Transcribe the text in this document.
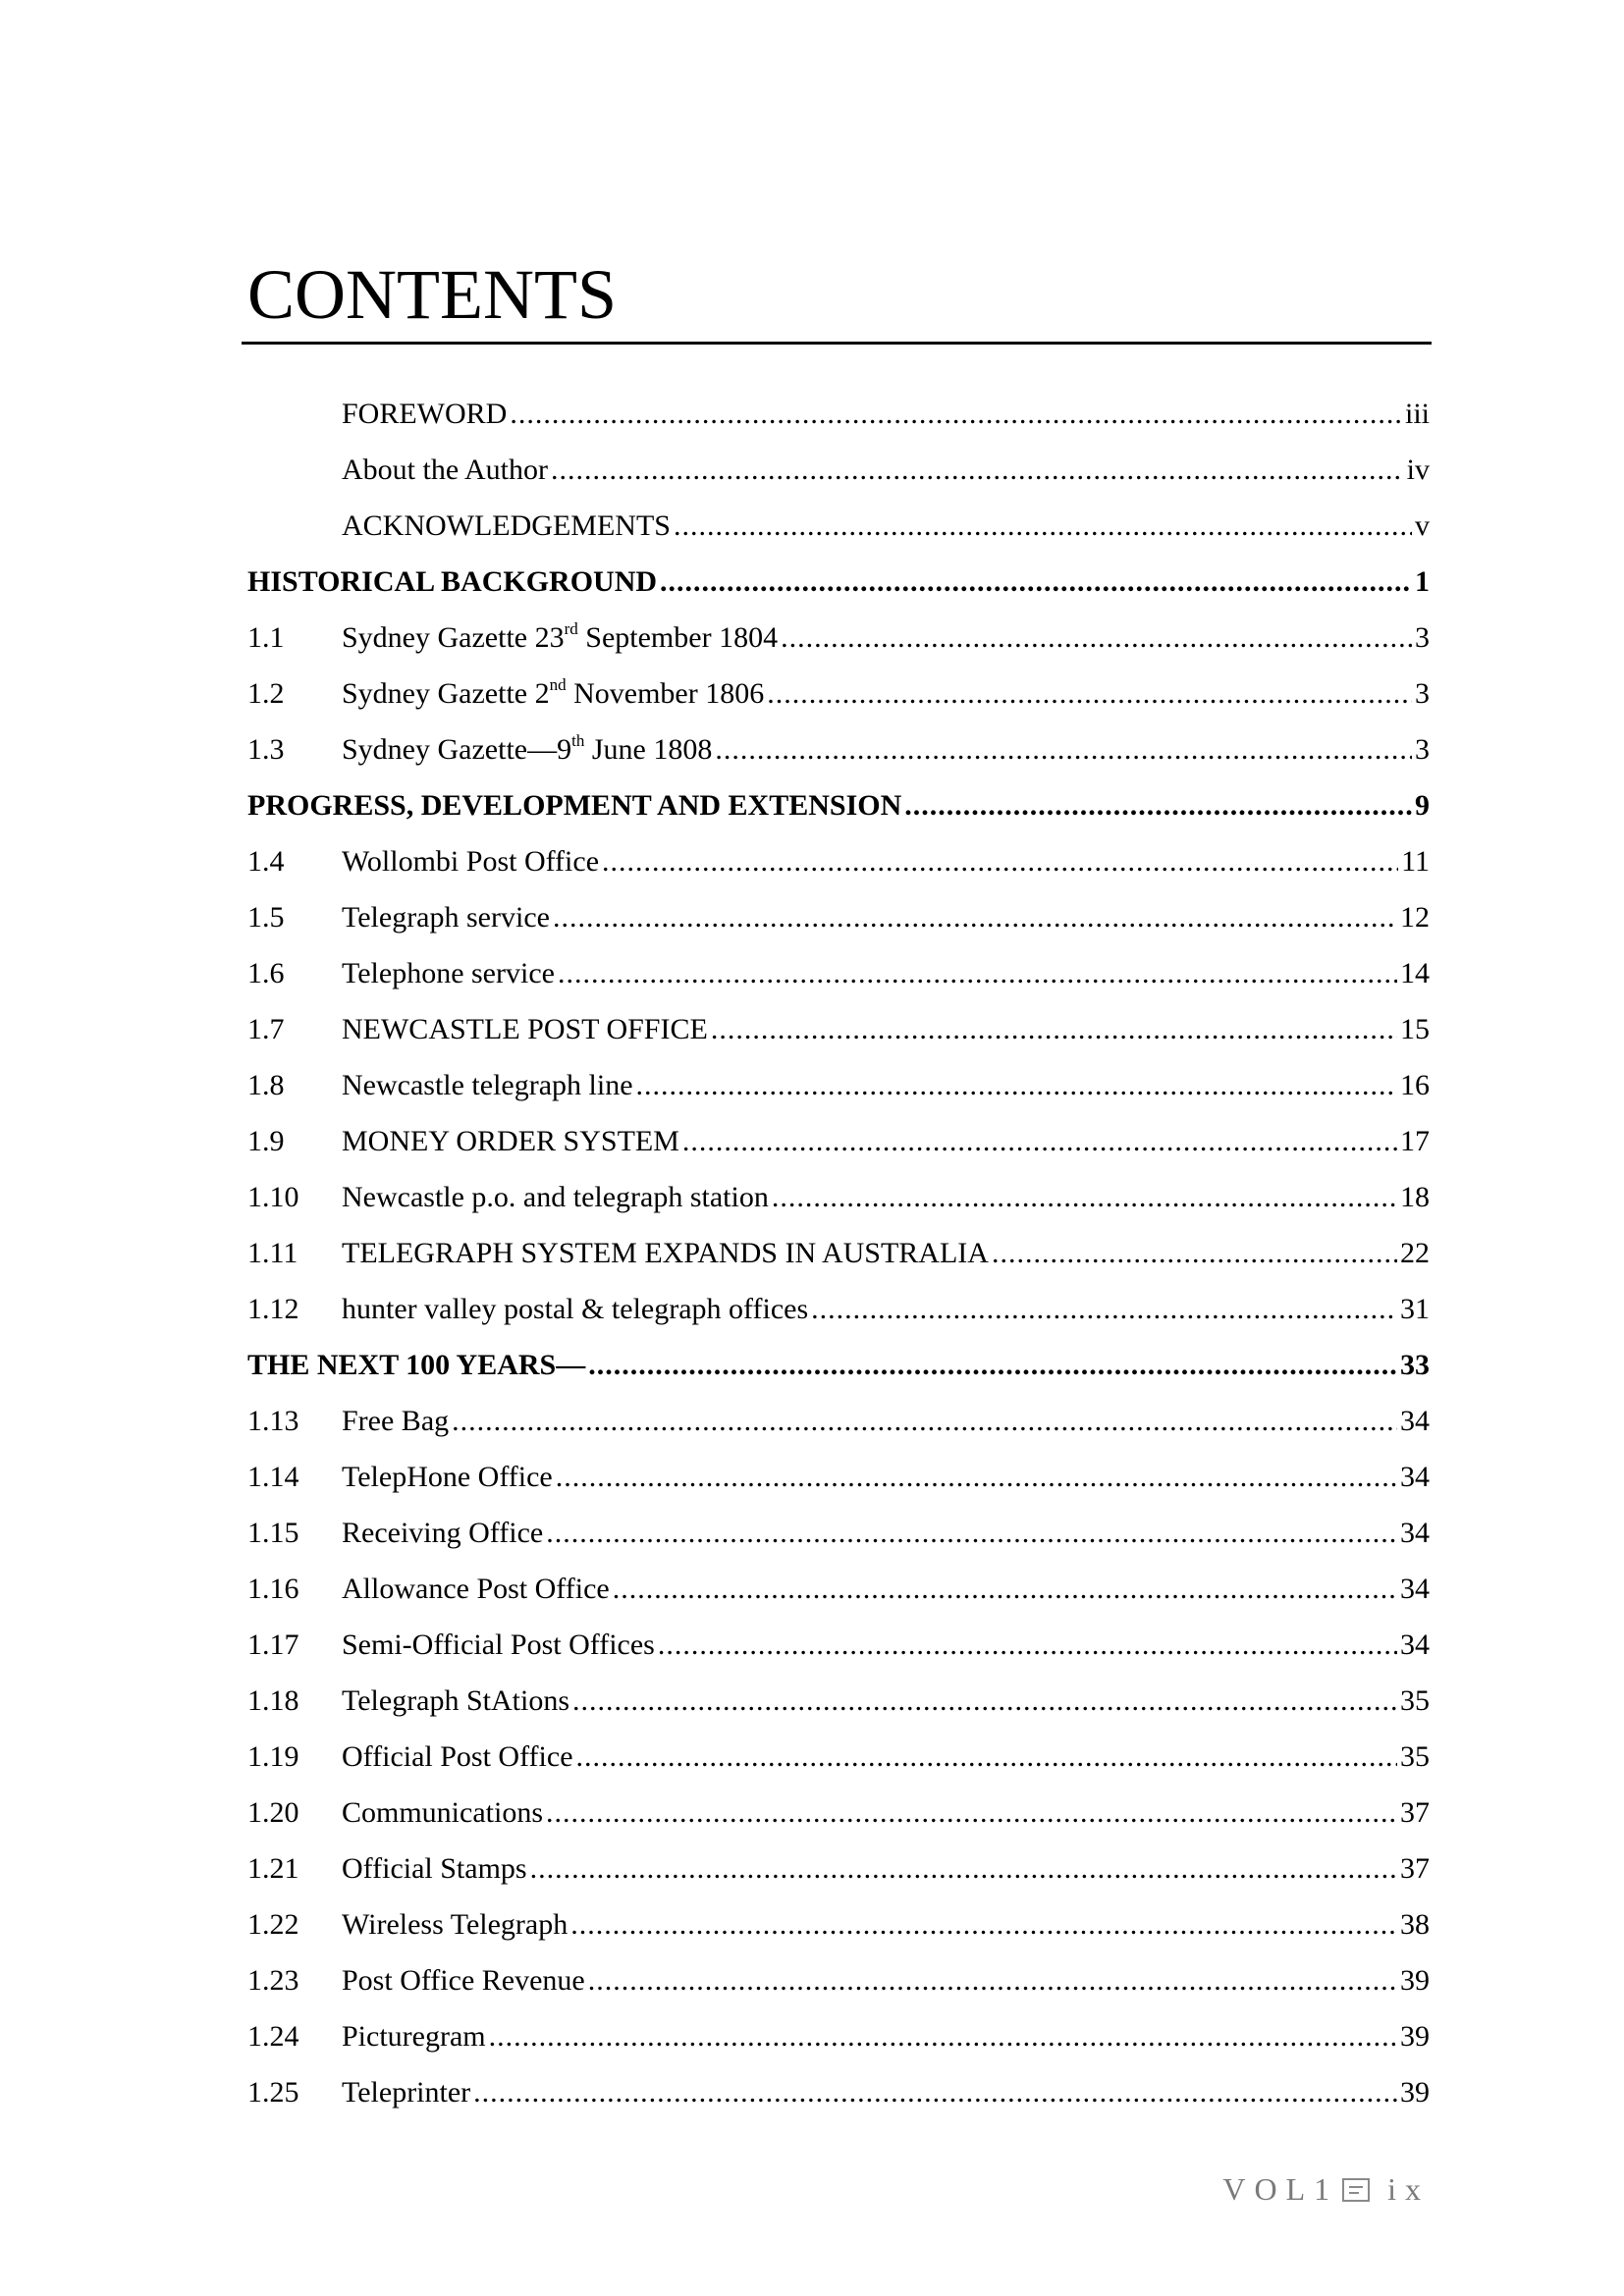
CONTENTS
FOREWORD .....	iii
About the Author .....	iv
ACKNOWLEDGEMENTS .....	v
HISTORICAL BACKGROUND .....	1
1.1	Sydney Gazette 23rd September 1804 .....	3
1.2	Sydney Gazette 2nd November 1806 .....	3
1.3	Sydney Gazette—9th June 1808 .....	3
PROGRESS, DEVELOPMENT AND EXTENSION .....	9
1.4	Wollombi Post Office .....	11
1.5	Telegraph service .....	12
1.6	Telephone service .....	14
1.7	NEWCASTLE POST OFFICE .....	15
1.8	Newcastle telegraph line .....	16
1.9	MONEY ORDER SYSTEM .....	17
1.10	Newcastle p.o. and telegraph station .....	18
1.11	TELEGRAPH SYSTEM EXPANDS IN AUSTRALIA .....	22
1.12	hunter valley postal & telegraph offices .....	31
THE NEXT 100 YEARS— .....	33
1.13	Free Bag .....	34
1.14	TelepHone Office .....	34
1.15	Receiving Office .....	34
1.16	Allowance Post Office .....	34
1.17	Semi-Official Post Offices .....	34
1.18	Telegraph StAtions .....	35
1.19	Official Post Office .....	35
1.20	Communications .....	37
1.21	Official Stamps .....	37
1.22	Wireless Telegraph .....	38
1.23	Post Office Revenue .....	39
1.24	Picturegram .....	39
1.25	Teleprinter .....	39
VOL1 ix
